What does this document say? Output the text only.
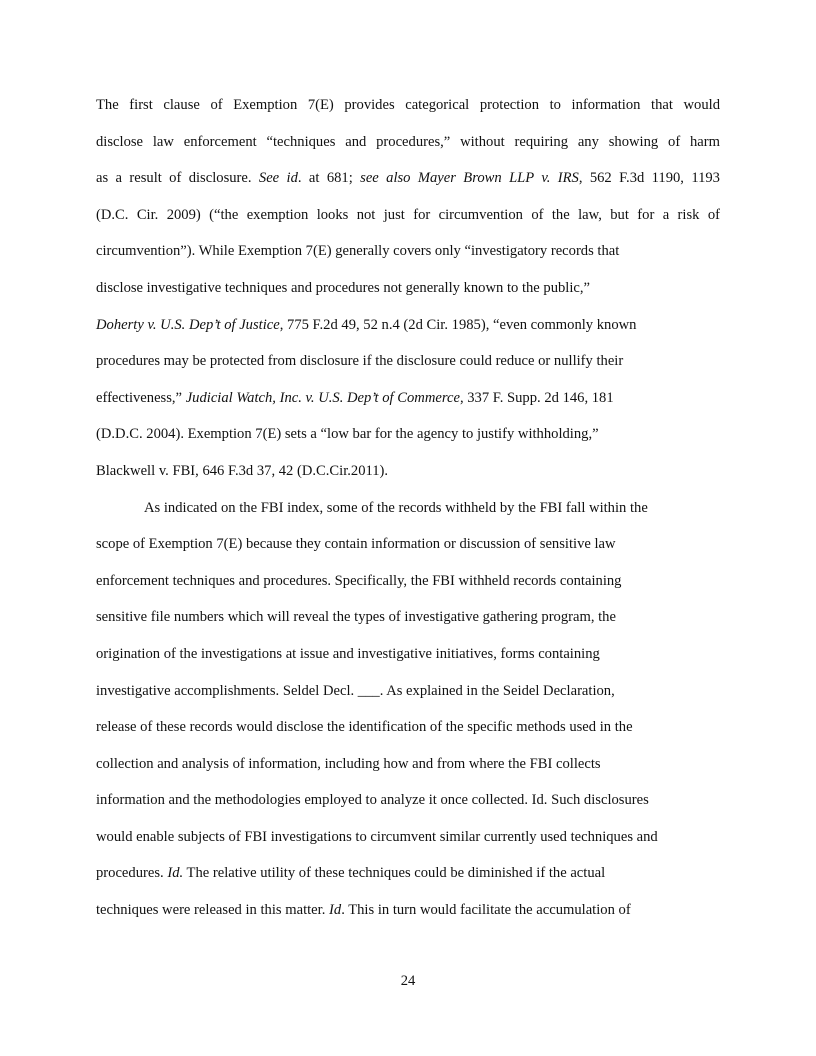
The first clause of Exemption 7(E) provides categorical protection to information that would
disclose law enforcement “techniques and procedures,” without requiring any showing of harm
as a result of disclosure. See id. at 681; see also Mayer Brown LLP v. IRS, 562 F.3d 1190, 1193
(D.C. Cir. 2009) (“the exemption looks not just for circumvention of the law, but for a risk of
circumvention”). While Exemption 7(E) generally covers only “investigatory records that
disclose investigative techniques and procedures not generally known to the public,”
Doherty v. U.S. Dep’t of Justice, 775 F.2d 49, 52 n.4 (2d Cir. 1985), “even commonly known
procedures may be protected from disclosure if the disclosure could reduce or nullify their
effectiveness,” Judicial Watch, Inc. v. U.S. Dep’t of Commerce, 337 F. Supp. 2d 146, 181
(D.D.C. 2004). Exemption 7(E) sets a “low bar for the agency to justify withholding,”
Blackwell v. FBI, 646 F.3d 37, 42 (D.C.Cir.2011).
As indicated on the FBI index, some of the records withheld by the FBI fall within the
scope of Exemption 7(E) because they contain information or discussion of sensitive law
enforcement techniques and procedures. Specifically, the FBI withheld records containing
sensitive file numbers which will reveal the types of investigative gathering program, the
origination of the investigations at issue and investigative initiatives, forms containing
investigative accomplishments. Seldel Decl. ___. As explained in the Seidel Declaration,
release of these records would disclose the identification of the specific methods used in the
collection and analysis of information, including how and from where the FBI collects
information and the methodologies employed to analyze it once collected. Id. Such disclosures
would enable subjects of FBI investigations to circumvent similar currently used techniques and
procedures. Id. The relative utility of these techniques could be diminished if the actual
techniques were released in this matter. Id. This in turn would facilitate the accumulation of
24
